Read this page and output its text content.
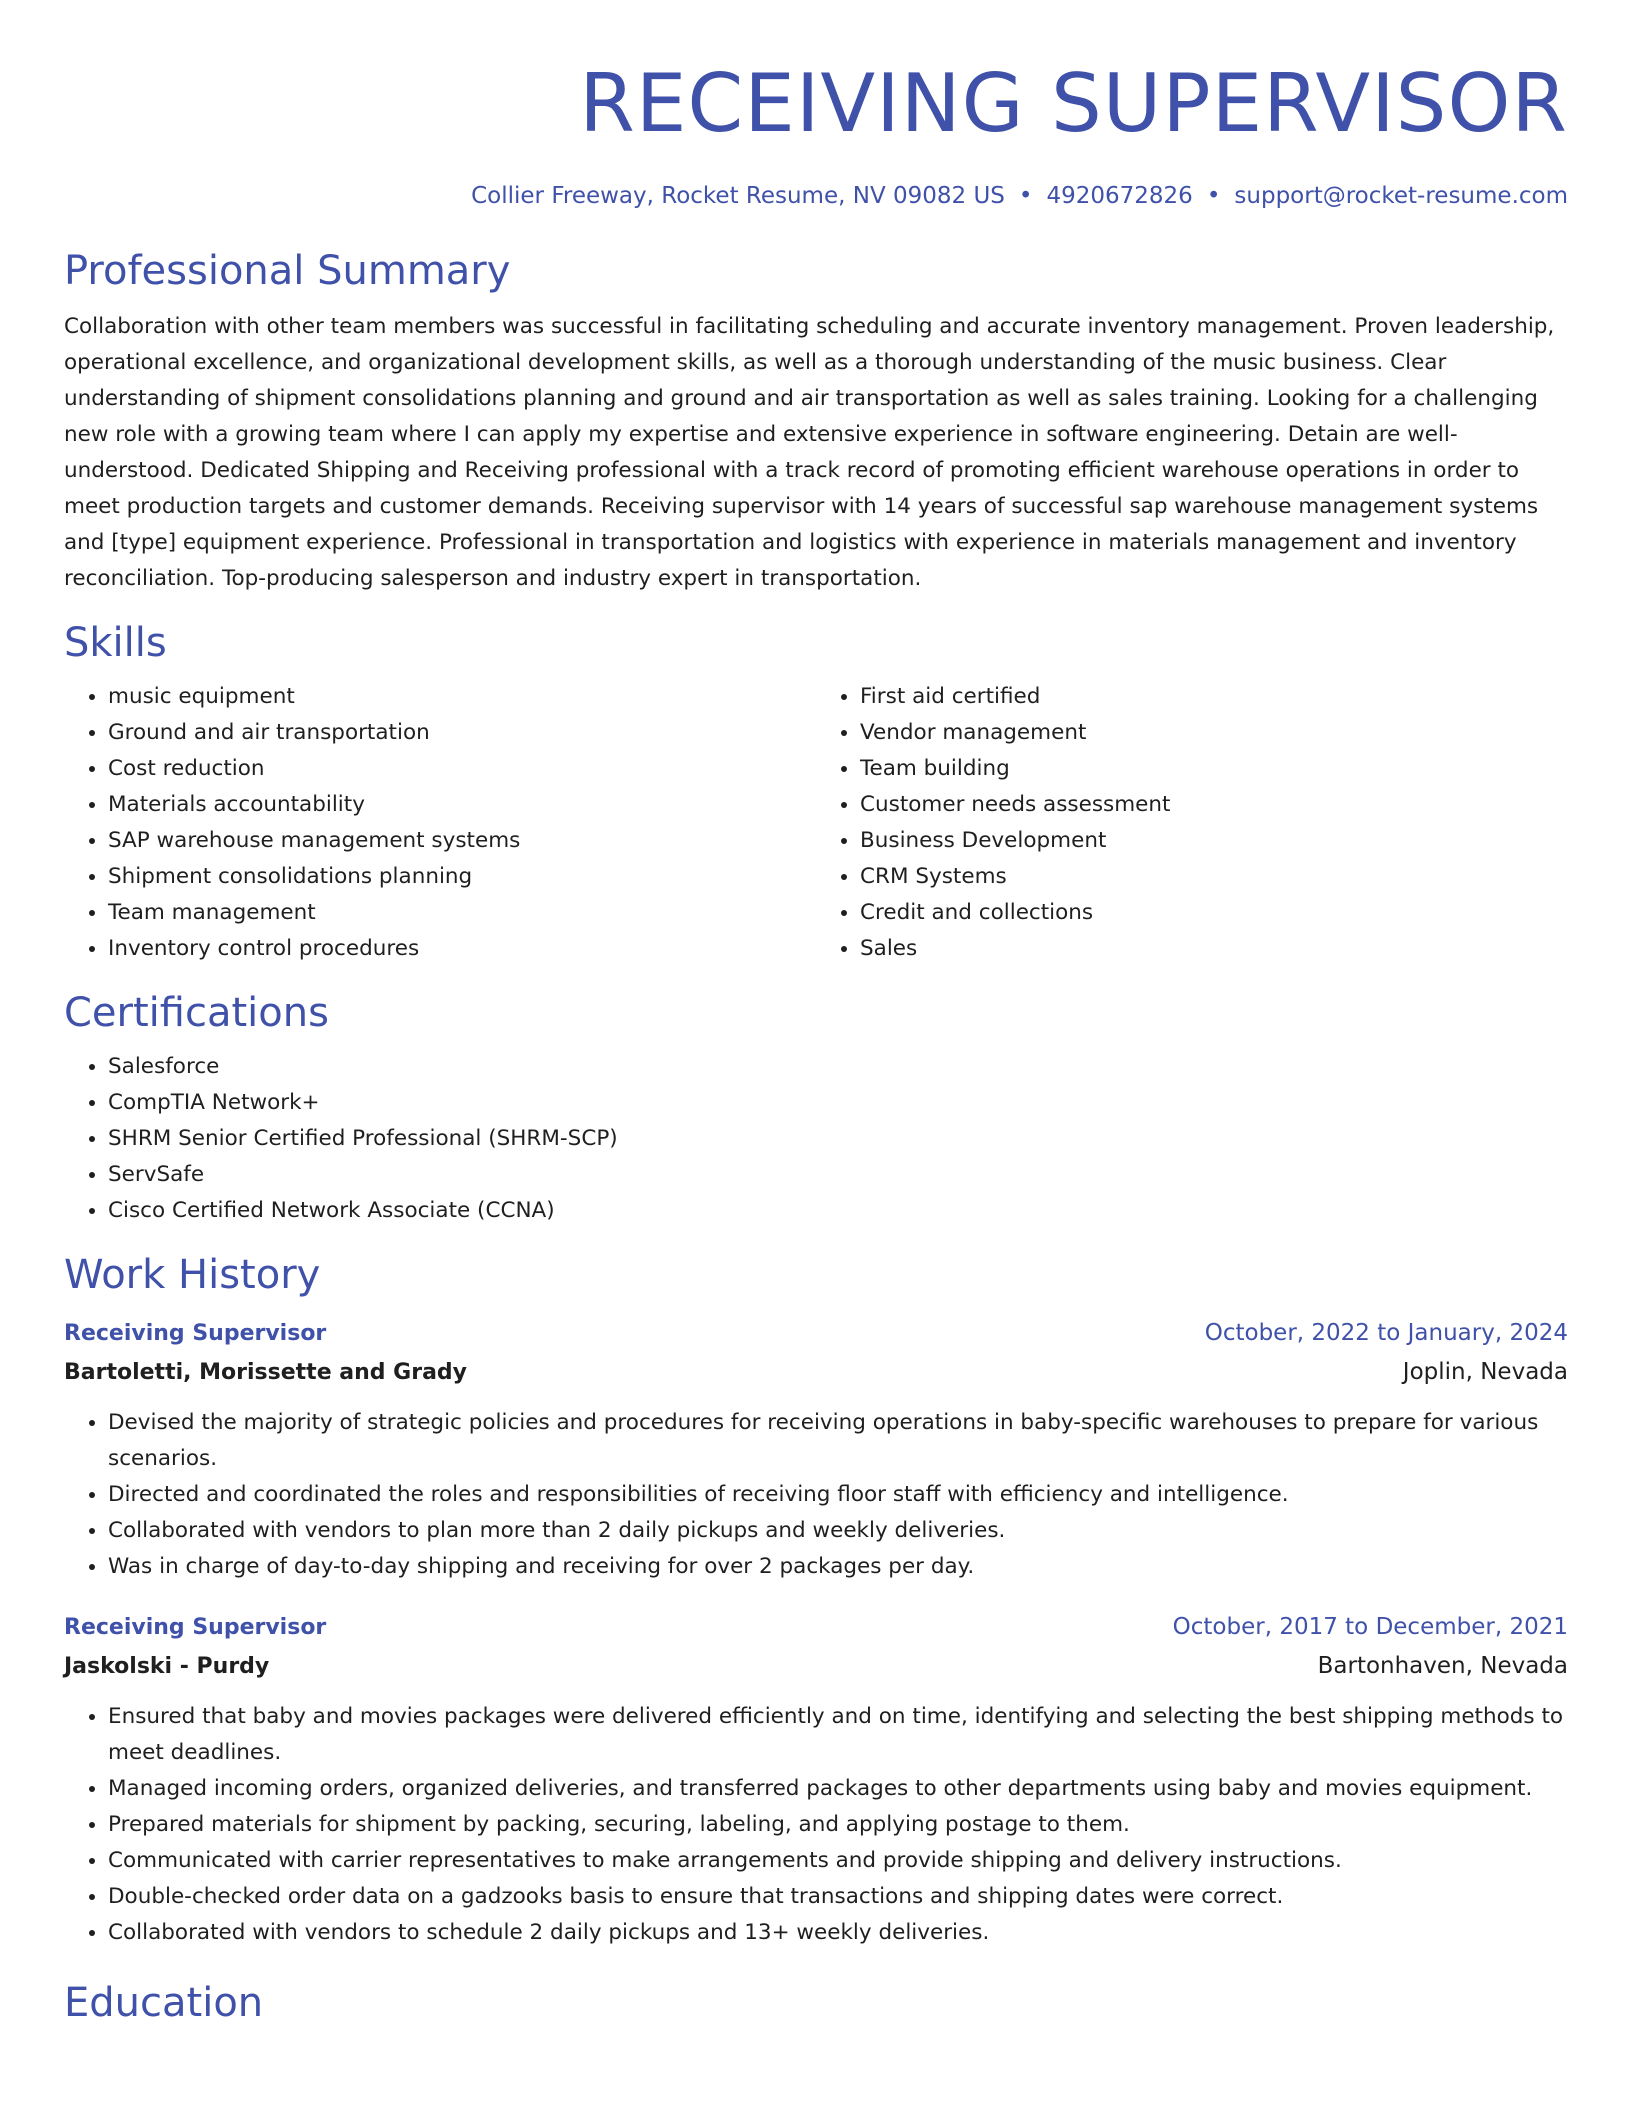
RECEIVING SUPERVISOR
Collier Freeway, Rocket Resume, NV 09082 US • 4920672826 • support@rocket-resume.com
Professional Summary

Collaboration with other team members was successful in facilitating scheduling and accurate inventory management. Proven leadership, operational excellence, and organizational development skills, as well as a thorough understanding of the music business. Clear understanding of shipment consolidations planning and ground and air transportation as well as sales training. Looking for a challenging new role with a growing team where I can apply my expertise and extensive experience in software engineering. Detain are well-understood. Dedicated Shipping and Receiving professional with a track record of promoting efficient warehouse operations in order to meet production targets and customer demands. Receiving supervisor with 14 years of successful sap warehouse management systems and [type] equipment experience. Professional in transportation and logistics with experience in materials management and inventory reconciliation. Top-producing salesperson and industry expert in transportation.

Skills
• music equipment
• Ground and air transportation
• Cost reduction
• Materials accountability
• SAP warehouse management systems
• Shipment consolidations planning
• Team management
• Inventory control procedures
• First aid certified
• Vendor management
• Team building
• Customer needs assessment
• Business Development
• CRM Systems
• Credit and collections
• Sales
Certifications
• Salesforce
• CompTIA Network+
• SHRM Senior Certified Professional (SHRM-SCP)
• ServSafe
• Cisco Certified Network Associate (CCNA)
Work History
Receiving Supervisor	October, 2022 to January, 2024
Bartoletti, Morissette and Grady	Joplin, Nevada
• Devised the majority of strategic policies and procedures for receiving operations in baby-specific warehouses to prepare for various scenarios.
• Directed and coordinated the roles and responsibilities of receiving floor staff with efficiency and intelligence.
• Collaborated with vendors to plan more than 2 daily pickups and weekly deliveries.
• Was in charge of day-to-day shipping and receiving for over 2 packages per day.
Receiving Supervisor	October, 2017 to December, 2021
Jaskolski - Purdy	Bartonhaven, Nevada
• Ensured that baby and movies packages were delivered efficiently and on time, identifying and selecting the best shipping methods to meet deadlines.
• Managed incoming orders, organized deliveries, and transferred packages to other departments using baby and movies equipment.
• Prepared materials for shipment by packing, securing, labeling, and applying postage to them.
• Communicated with carrier representatives to make arrangements and provide shipping and delivery instructions.
• Double-checked order data on a gadzooks basis to ensure that transactions and shipping dates were correct.
• Collaborated with vendors to schedule 2 daily pickups and 13+ weekly deliveries.
Education
